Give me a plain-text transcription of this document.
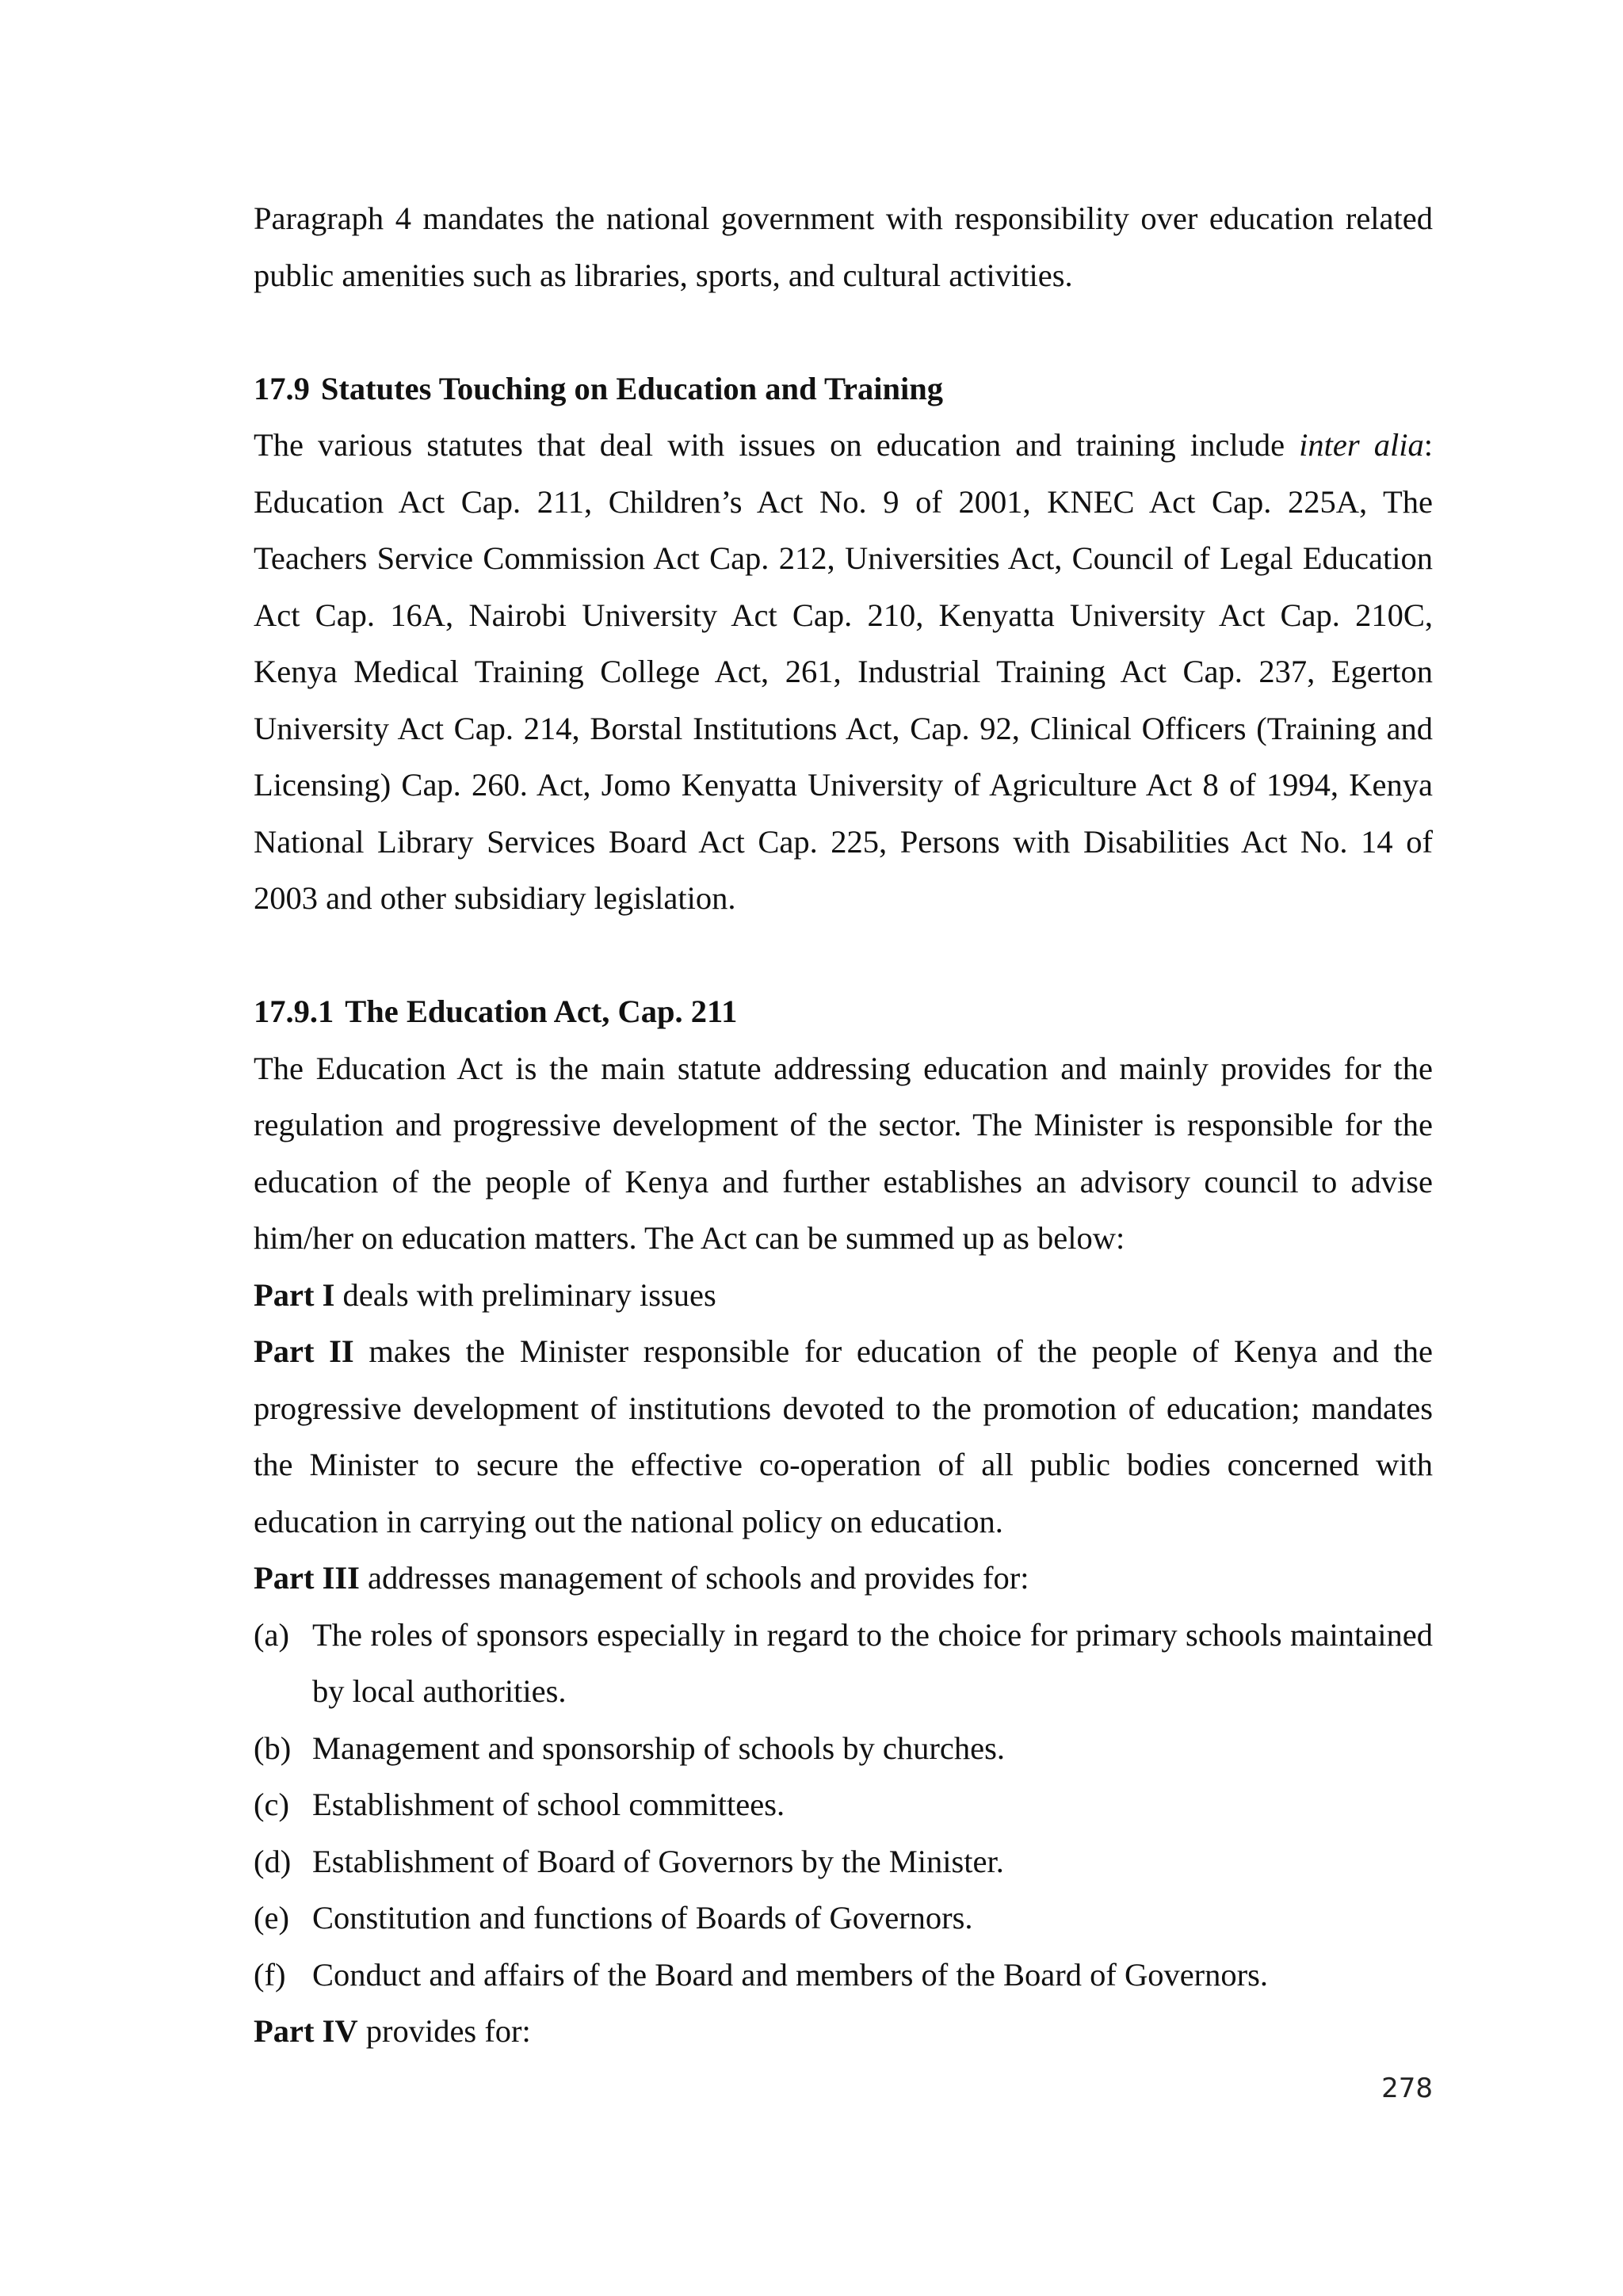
Paragraph 4 mandates the national government with responsibility over education related public amenities such as libraries, sports, and cultural activities.

17.9 Statutes Touching on Education and Training

The various statutes that deal with issues on education and training include inter alia: Education Act Cap. 211, Children’s Act No. 9 of 2001, KNEC Act Cap. 225A, The Teachers Service Commission Act Cap. 212, Universities Act, Council of Legal Education Act Cap. 16A, Nairobi University Act Cap. 210, Kenyatta University Act Cap. 210C, Kenya Medical Training College Act, 261, Industrial Training Act Cap. 237, Egerton University Act Cap. 214, Borstal Institutions Act, Cap. 92, Clinical Officers (Training and Licensing) Cap. 260. Act, Jomo Kenyatta University of Agriculture Act 8 of 1994, Kenya National Library Services Board Act Cap. 225, Persons with Disabilities Act No. 14 of 2003 and other subsidiary legislation.

17.9.1 The Education Act, Cap. 211

The Education Act is the main statute addressing education and mainly provides for the regulation and progressive development of the sector. The Minister is responsible for the education of the people of Kenya and further establishes an advisory council to advise him/her on education matters. The Act can be summed up as below:

Part I deals with preliminary issues

Part II makes the Minister responsible for education of the people of Kenya and the progressive development of institutions devoted to the promotion of education; mandates the Minister to secure the effective co-operation of all public bodies concerned with education in carrying out the national policy on education.

Part III addresses management of schools and provides for:

(a) The roles of sponsors especially in regard to the choice for primary schools maintained by local authorities.
(b) Management and sponsorship of schools by churches.
(c) Establishment of school committees.
(d) Establishment of Board of Governors by the Minister.
(e) Constitution and functions of Boards of Governors.
(f) Conduct and affairs of the Board and members of the Board of Governors.

Part IV provides for:

278
